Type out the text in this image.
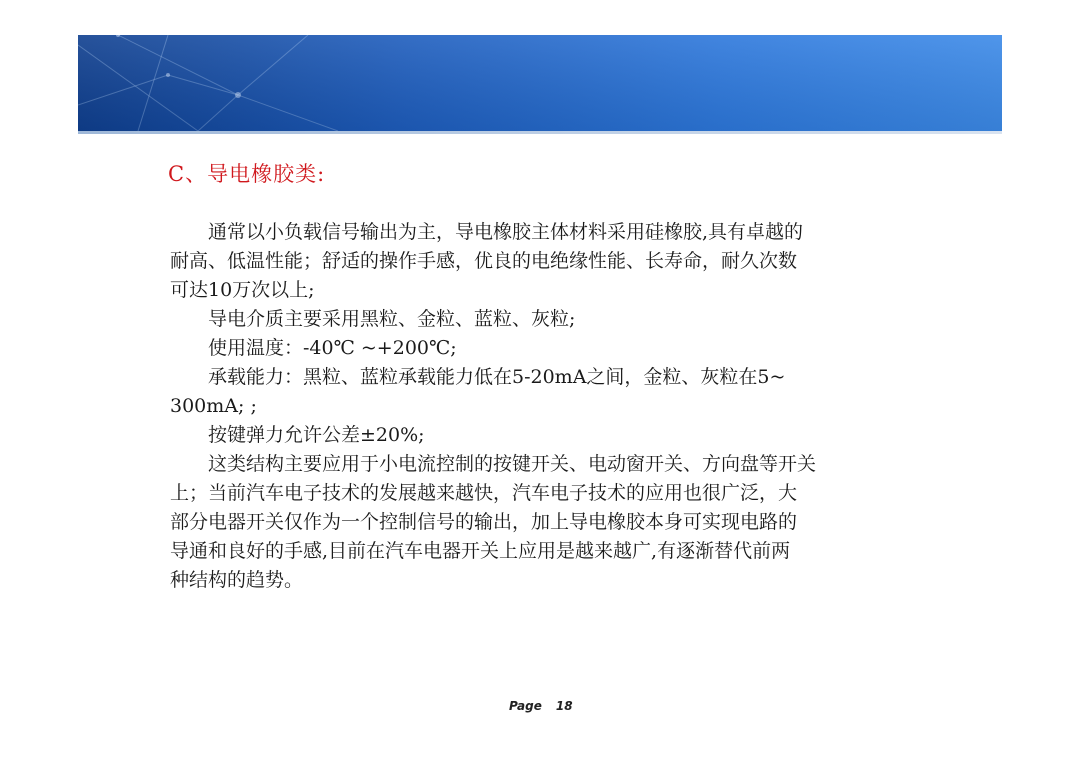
C、导电橡胶类:
通常以小负载信号输出为主，导电橡胶主体材料采用硅橡胶,具有卓越的
耐高、低温性能；舒适的操作手感，优良的电绝缘性能、长寿命，耐久次数
可达10万次以上;
导电介质主要采用黑粒、金粒、蓝粒、灰粒;
使用温度：-40℃ ~+200℃;
承载能力：黑粒、蓝粒承载能力低在5-20mA之间，金粒、灰粒在5~
300mA; ;
按键弹力允许公差±20%;
这类结构主要应用于小电流控制的按键开关、电动窗开关、方向盘等开关
上；当前汽车电子技术的发展越来越快，汽车电子技术的应用也很广泛，大
部分电器开关仅作为一个控制信号的输出，加上导电橡胶本身可实现电路的
导通和良好的手感,目前在汽车电器开关上应用是越来越广,有逐渐替代前两
种结构的趋势。
Page 18
